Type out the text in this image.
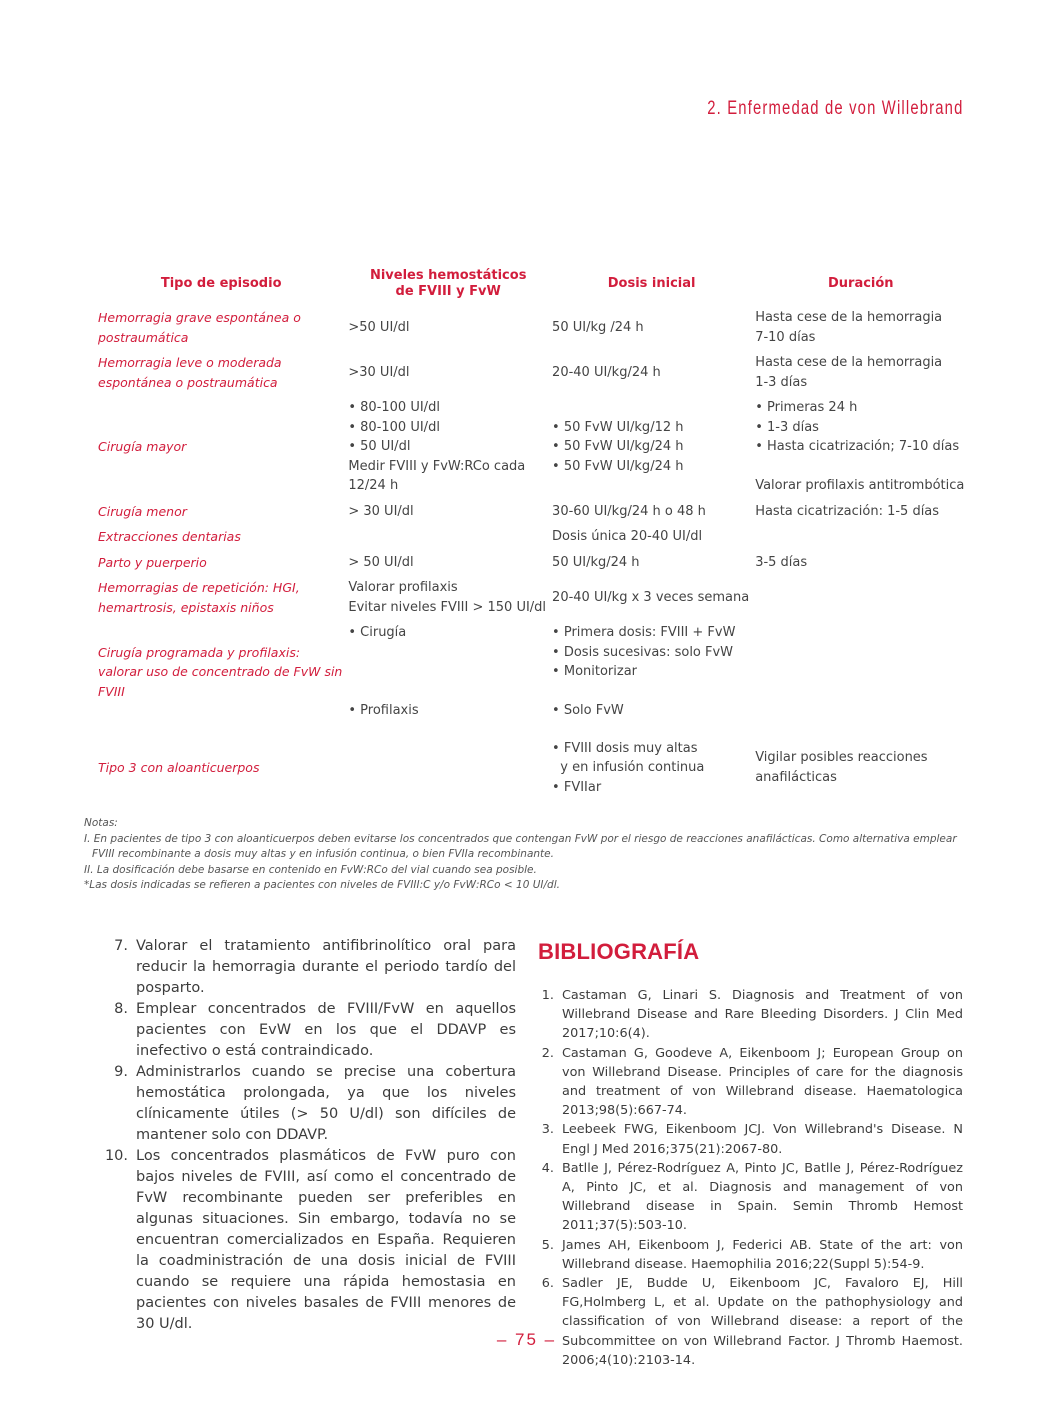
2. Enfermedad de von Willebrand
Tipo de episodio	Niveles hemostáticos
de FVIII y FvW	Dosis inicial	Duración

Hemorragia grave espontánea o
postraumática	>50 UI/dl	50 UI/kg /24 h	Hasta cese de la hemorragia
7-10 días

Hemorragia leve o moderada
espontánea o postraumática	>30 UI/dl	20-40 UI/kg/24 h	Hasta cese de la hemorragia
1-3 días

Cirugía mayor	• 80-100 UI/dl
• 80-100 UI/dl
• 50 UI/dl
Medir FVIII y FvW:RCo cada
12/24 h	• 50 FvW UI/kg/12 h
• 50 FvW UI/kg/24 h
• 50 FvW UI/kg/24 h	• Primeras 24 h
• 1-3 días
• Hasta cicatrización; 7-10 días
Valorar profilaxis antitrombótica

Cirugía menor	> 30 UI/dl	30-60 UI/kg/24 h o 48 h	Hasta cicatrización: 1-5 días

Extracciones dentarias		Dosis única 20-40 UI/dl	

Parto y puerperio	> 50 UI/dl	50 UI/kg/24 h	3-5 días

Hemorragias de repetición: HGI,
hemartrosis, epistaxis niños	Valorar profilaxis
Evitar niveles FVIII > 150 UI/dl	20-40 UI/kg x 3 veces semana	

Cirugía programada y profilaxis:
valorar uso de concentrado de FvW sin
FVIII	• Cirugía
• Profilaxis	• Primera dosis: FVIII + FvW
• Dosis sucesivas: solo FvW
• Monitorizar
• Solo FvW	

Tipo 3 con aloanticuerpos		• FVIII dosis muy altas
y en infusión continua
• FVIIar	Vigilar posibles reacciones
anafilácticas
Notas:
I. En pacientes de tipo 3 con aloanticuerpos deben evitarse los concentrados que contengan FvW por el riesgo de reacciones anafilácticas. Como alternativa emplear
FVIII recombinante a dosis muy altas y en infusión continua, o bien FVIIa recombinante.
II. La dosificación debe basarse en contenido en FvW:RCo del vial cuando sea posible.
*Las dosis indicadas se refieren a pacientes con niveles de FVIII:C y/o FvW:RCo < 10 UI/dl.
7. Valorar el tratamiento antifibrinolítico oral para reducir la hemorragia durante el periodo tardío del posparto.
8. Emplear concentrados de FVIII/FvW en aquellos pacientes con EvW en los que el DDAVP es inefectivo o está contraindicado.
9. Administrarlos cuando se precise una cobertura hemostática prolongada, ya que los niveles clínicamente útiles (> 50 U/dl) son difíciles de mantener solo con DDAVP.
10. Los concentrados plasmáticos de FvW puro con bajos niveles de FVIII, así como el concentrado de FvW recombinante pueden ser preferibles en algunas situaciones. Sin embargo, todavía no se encuentran comercializados en España. Requieren la coadministración de una dosis inicial de FVIII cuando se requiere una rápida hemostasia en pacientes con niveles basales de FVIII menores de 30 U/dl.
BIBLIOGRAFÍA
1. Castaman G, Linari S. Diagnosis and Treatment of von Willebrand Disease and Rare Bleeding Disorders. J Clin Med 2017;10:6(4).
2. Castaman G, Goodeve A, Eikenboom J; European Group on von Willebrand Disease. Principles of care for the diagnosis and treatment of von Willebrand disease. Haematologica 2013;98(5):667-74.
3. Leebeek FWG, Eikenboom JCJ. Von Willebrand's Disease. N Engl J Med 2016;375(21):2067-80.
4. Batlle J, Pérez-Rodríguez A, Pinto JC, Batlle J, Pérez-Rodríguez A, Pinto JC, et al. Diagnosis and management of von Willebrand disease in Spain. Semin Thromb Hemost 2011;37(5):503-10.
5. James AH, Eikenboom J, Federici AB. State of the art: von Willebrand disease. Haemophilia 2016;22(Suppl 5):54-9.
6. Sadler JE, Budde U, Eikenboom JC, Favaloro EJ, Hill FG,Holmberg L, et al. Update on the pathophysiology and classification of von Willebrand disease: a report of the Subcommittee on von Willebrand Factor. J Thromb Haemost. 2006;4(10):2103-14.
– 75 –
